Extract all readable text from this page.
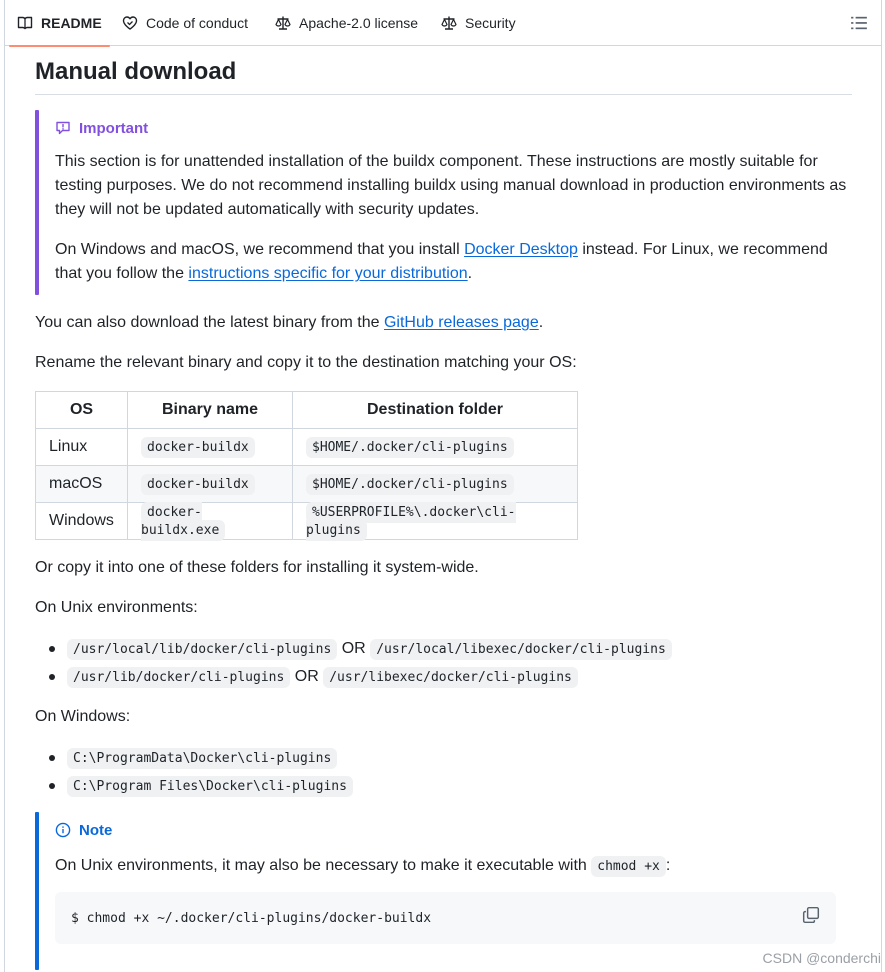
README	Code of conduct	Apache-2.0 license	Security
Manual download
Important

This section is for unattended installation of the buildx component. These instructions are mostly suitable for testing purposes. We do not recommend installing buildx using manual download in production environments as they will not be updated automatically with security updates.

On Windows and macOS, we recommend that you install Docker Desktop instead. For Linux, we recommend that you follow the instructions specific for your distribution.

You can also download the latest binary from the GitHub releases page.

Rename the relevant binary and copy it to the destination matching your OS:

OS	Binary name	Destination folder
Linux	docker-buildx	$HOME/.docker/cli-plugins
macOS	docker-buildx	$HOME/.docker/cli-plugins
Windows	docker-buildx.exe	%USERPROFILE%\.docker\cli-plugins

Or copy it into one of these folders for installing it system-wide.

On Unix environments:

/usr/local/lib/docker/cli-plugins OR /usr/local/libexec/docker/cli-plugins
/usr/lib/docker/cli-plugins OR /usr/libexec/docker/cli-plugins

On Windows:

C:\ProgramData\Docker\cli-plugins
C:\Program Files\Docker\cli-plugins
Note

On Unix environments, it may also be necessary to make it executable with chmod +x :

$ chmod +x ~/.docker/cli-plugins/docker-buildx
CSDN @conderchi
